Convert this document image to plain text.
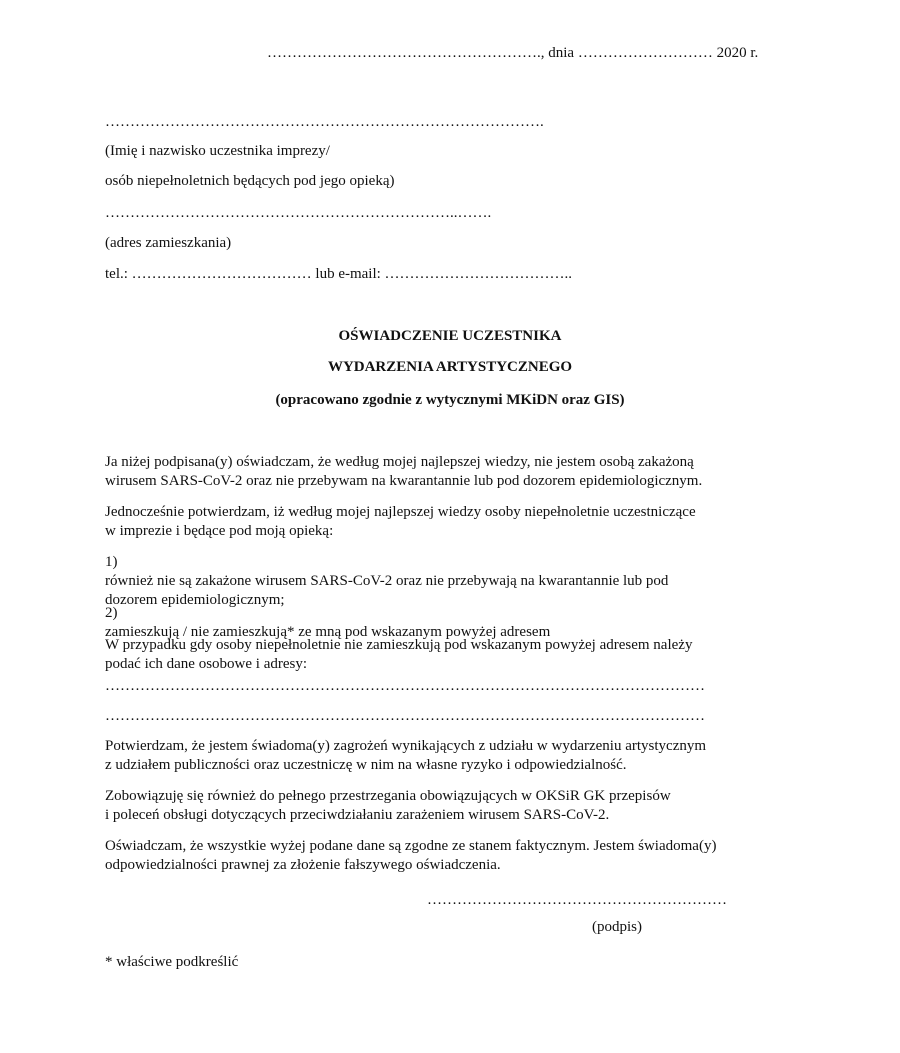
………………………………………………., dnia ……………………… 2020 r.

…………………………………………………………………………….

(Imię i nazwisko uczestnika imprezy/

osób niepełnoletnich będących pod jego opieką)

……………………………………………………………..…….

(adres zamieszkania)

tel.: ……………………………… lub e-mail: ………………………………..

OŚWIADCZENIE UCZESTNIKA

WYDARZENIA ARTYSTYCZNEGO

(opracowano zgodnie z wytycznymi MKiDN oraz GIS)

Ja niżej podpisana(y) oświadczam, że według mojej najlepszej wiedzy, nie jestem osobą zakażoną
wirusem SARS-CoV-2 oraz nie przebywam na kwarantannie lub pod dozorem epidemiologicznym.
Jednocześnie potwierdzam, iż według mojej najlepszej wiedzy osoby niepełnoletnie uczestniczące
w imprezie i będące pod moją opieką:
1)
również nie są zakażone wirusem SARS-CoV-2 oraz nie przebywają na kwarantannie lub pod
dozorem epidemiologicznym;
2)
zamieszkują / nie zamieszkują* ze mną pod wskazanym powyżej adresem
W przypadku gdy osoby niepełnoletnie nie zamieszkują pod wskazanym powyżej adresem należy
podać ich dane osobowe i adresy:

…………………………………………………………………………………………………………

…………………………………………………………………………………………………………

Potwierdzam, że jestem świadoma(y) zagrożeń wynikających z udziału w wydarzeniu artystycznym
z udziałem publiczności oraz uczestniczę w nim na własne ryzyko i odpowiedzialność.
Zobowiązuję się również do pełnego przestrzegania obowiązujących w OKSiR GK przepisów
i poleceń obsługi dotyczących przeciwdziałaniu zarażeniem wirusem SARS-CoV-2.
Oświadczam, że wszystkie wyżej podane dane są zgodne ze stanem faktycznym. Jestem świadoma(y)
odpowiedzialności prawnej za złożenie fałszywego oświadczenia.

……………………………………………………

(podpis)

* właściwe podkreślić
